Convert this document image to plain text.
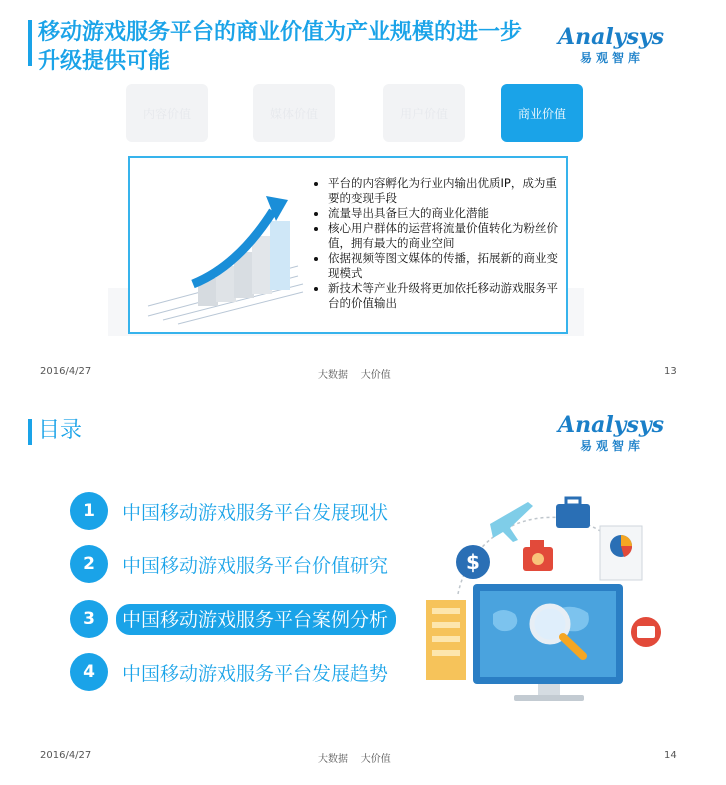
移动游戏服务平台的商业价值为产业规模的进一步
升级提供可能
Analysys
易观智库
内容价值	媒体价值	用户价值	商业价值
• 平台的内容孵化为行业内输出优质IP，成为重要的变现手段
• 流量导出具备巨大的商业化潜能
• 核心用户群体的运营将流量价值转化为粉丝价值，拥有最大的商业空间
• 依据视频等图文媒体的传播，拓展新的商业变现模式
• 新技术等产业升级将更加依托移动游戏服务平台的价值输出
2016/4/27	大数据    大价值	13
目录	Analysys
易观智库
1	中国移动游戏服务平台发展现状
2	中国移动游戏服务平台价值研究
3	中国移动游戏服务平台案例分析
4	中国移动游戏服务平台发展趋势
$
2016/4/27	大数据    大价值	14
